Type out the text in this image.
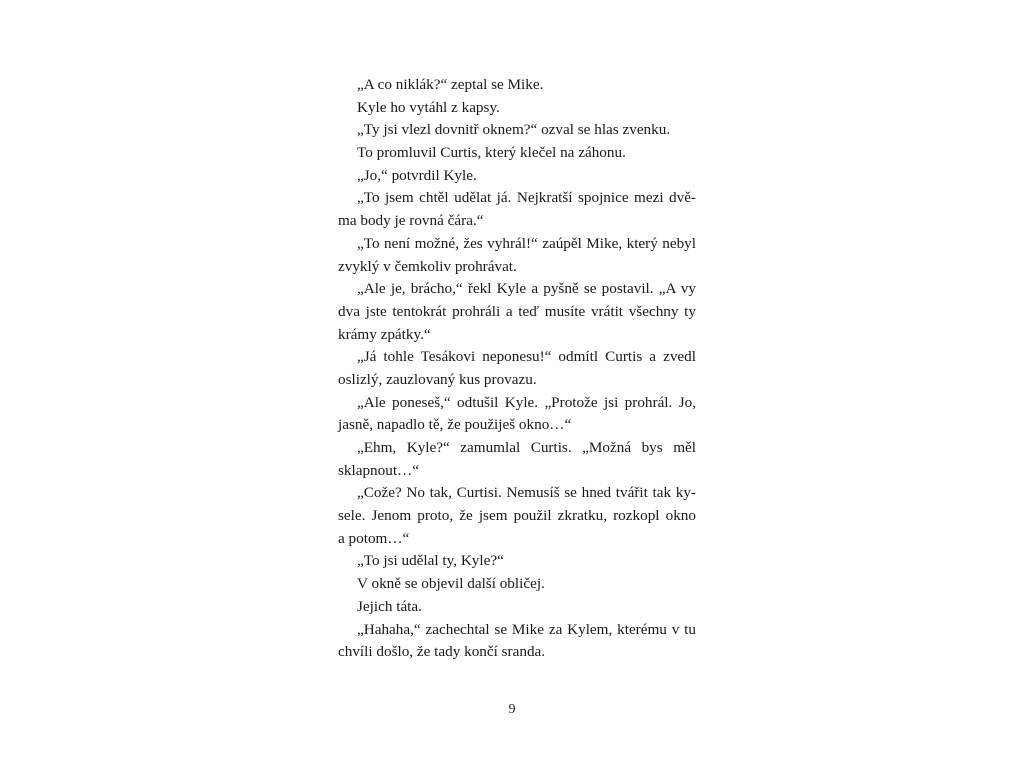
„A co niklák?“ zeptal se Mike.
Kyle ho vytáhl z kapsy.
„Ty jsi vlezl dovnitř oknem?“ ozval se hlas zvenku.
To promluvil Curtis, který klečel na záhonu.
„Jo,“ potvrdil Kyle.
„To jsem chtěl udělat já. Nejkratší spojnice mezi dvě-
ma body je rovná čára.“
„To není možné, žes vyhrál!“ zaúpěl Mike, který nebyl
zvyklý v čemkoliv prohrávat.
„Ale je, brácho,“ řekl Kyle a pyšně se postavil. „A vy
dva jste tentokrát prohráli a teď musíte vrátit všechny ty
krámy zpátky.“
„Já tohle Tesákovi neponesu!“ odmítl Curtis a zvedl
oslizlý, zauzlovaný kus provazu.
„Ale poneseš,“ odtušil Kyle. „Protože jsi prohrál. Jo,
jasně, napadlo tě, že použiješ okno…“
„Ehm, Kyle?“ zamumlal Curtis. „Možná bys měl
sklapnout…“
„Cože? No tak, Curtisi. Nemusíš se hned tvářit tak ky-
sele. Jenom proto, že jsem použil zkratku, rozkopl okno
a potom…“
„To jsi udělal ty, Kyle?“
V okně se objevil další obličej.
Jejich táta.
„Hahaha,“ zachechtal se Mike za Kylem, kterému v tu
chvíli došlo, že tady končí sranda.
9
